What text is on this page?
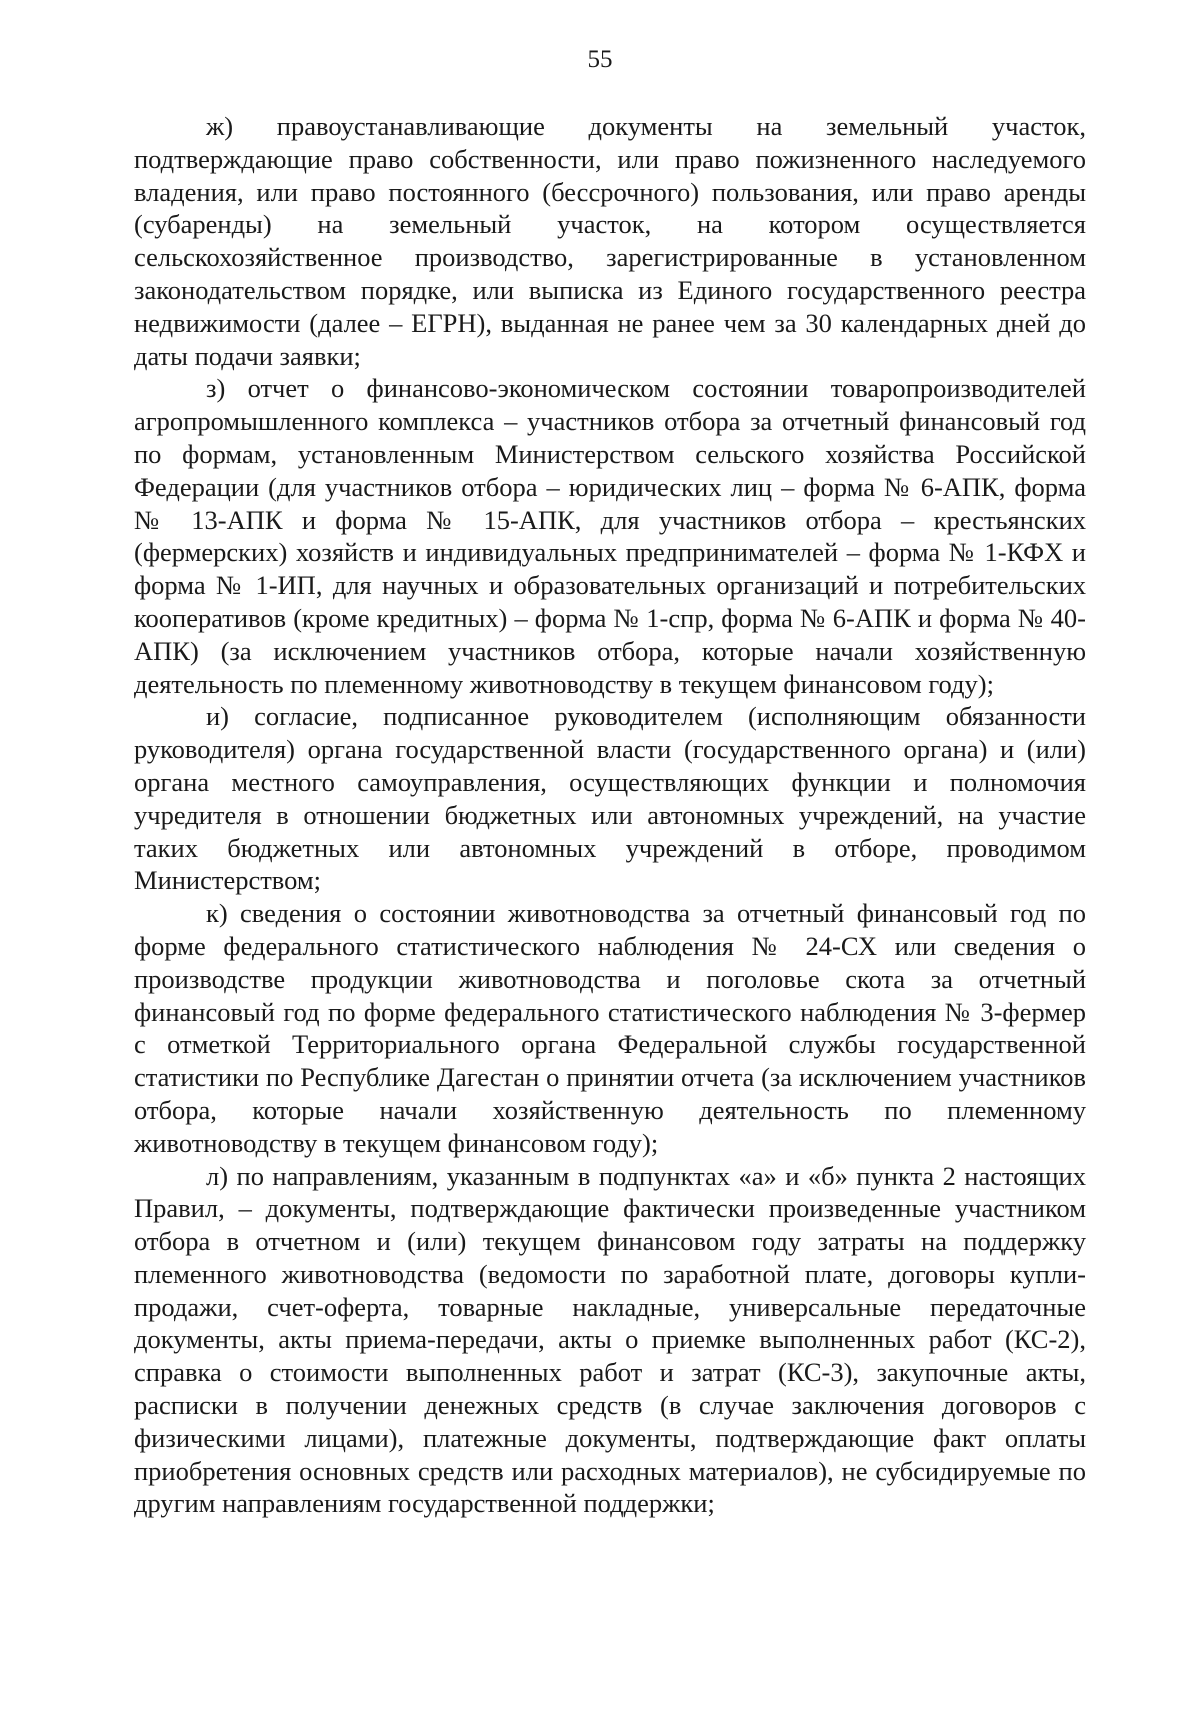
55

ж) правоустанавливающие документы на земельный участок, подтверждающие право собственности, или право пожизненного наследуемого владения, или право постоянного (бессрочного) пользования, или право аренды (субаренды) на земельный участок, на котором осуществляется сельскохозяйственное производство, зарегистрированные в установленном законодательством порядке, или выписка из Единого государственного реестра недвижимости (далее – ЕГРН), выданная не ранее чем за 30 календарных дней до даты подачи заявки;

з) отчет о финансово-экономическом состоянии товаропроизводителей агропромышленного комплекса – участников отбора за отчетный финансовый год по формам, установленным Министерством сельского хозяйства Российской Федерации (для участников отбора – юридических лиц – форма № 6-АПК, форма № 13-АПК и форма № 15-АПК, для участников отбора – крестьянских (фермерских) хозяйств и индивидуальных предпринимателей – форма № 1-КФХ и форма № 1-ИП, для научных и образовательных организаций и потребительских кооперативов (кроме кредитных) – форма № 1-спр, форма № 6-АПК и форма № 40-АПК) (за исключением участников отбора, которые начали хозяйственную деятельность по племенному животноводству в текущем финансовом году);

и) согласие, подписанное руководителем (исполняющим обязанности руководителя) органа государственной власти (государственного органа) и (или) органа местного самоуправления, осуществляющих функции и полномочия учредителя в отношении бюджетных или автономных учреждений, на участие таких бюджетных или автономных учреждений в отборе, проводимом Министерством;

к) сведения о состоянии животноводства за отчетный финансовый год по форме федерального статистического наблюдения № 24-СХ или сведения о производстве продукции животноводства и поголовье скота за отчетный финансовый год по форме федерального статистического наблюдения № 3-фермер с отметкой Территориального органа Федеральной службы государственной статистики по Республике Дагестан о принятии отчета (за исключением участников отбора, которые начали хозяйственную деятельность по племенному животноводству в текущем финансовом году);

л) по направлениям, указанным в подпунктах «а» и «б» пункта 2 настоящих Правил, – документы, подтверждающие фактически произведенные участником отбора в отчетном и (или) текущем финансовом году затраты на поддержку племенного животноводства (ведомости по заработной плате, договоры купли-продажи, счет-оферта, товарные накладные, универсальные передаточные документы, акты приема-передачи, акты о приемке выполненных работ (КС-2), справка о стоимости выполненных работ и затрат (КС-3), закупочные акты, расписки в получении денежных средств (в случае заключения договоров с физическими лицами), платежные документы, подтверждающие факт оплаты приобретения основных средств или расходных материалов), не субсидируемые по другим направлениям государственной поддержки;
